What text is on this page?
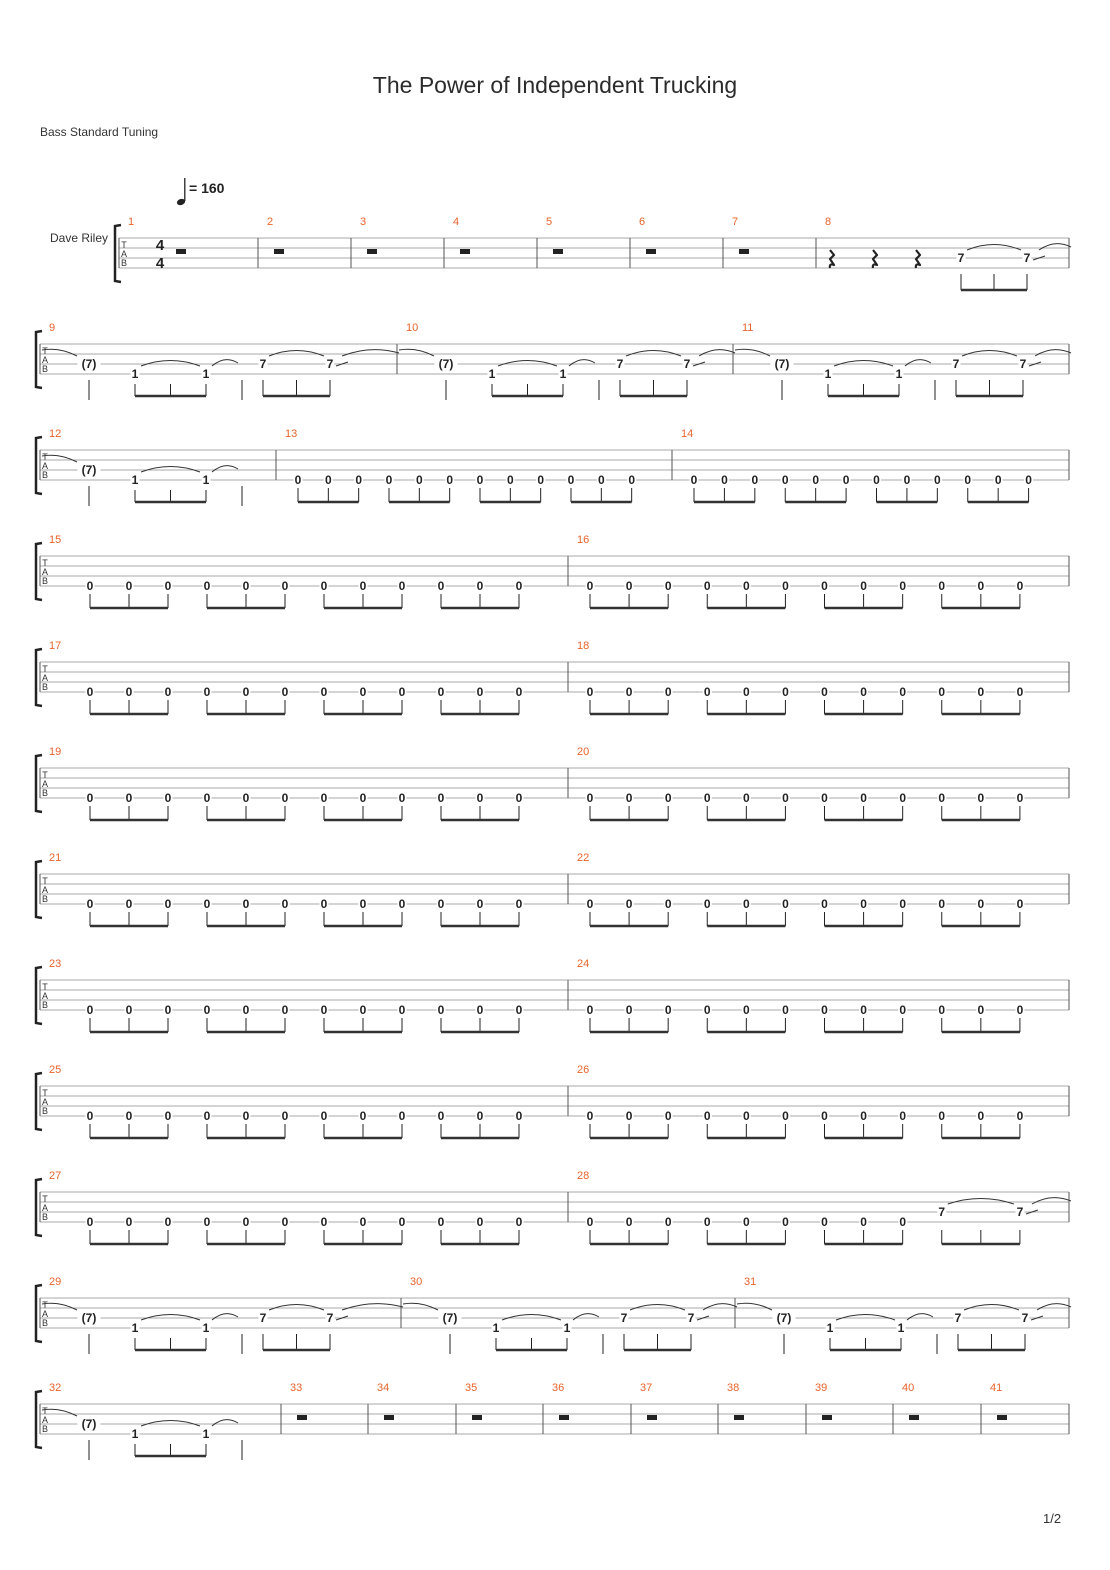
The Power of Independent Trucking
Bass Standard Tuning
= 160
Dave Riley
1/2
T
A
B
4
4
1	2	3	4	5	6	7	8
7	7
T
A
B
9
(7)
1	1
7	7
10
(7)
1	1
7	7
11
(7)
1	1
7	7
T
A
B
12
(7)
1	1
13
0 0 0 0 0 0 0 0 0 0 0 0
14
0 0 0 0 0 0 0 0 0 0 0 0
T
A
B
15
0	0	0	0	0	0	0	0	0	0	0	0
16
0	0	0	0	0	0	0	0	0	0	0	0
T
A
B
17
0	0	0	0	0	0	0	0	0	0	0	0
18
0	0	0	0	0	0	0	0	0	0	0	0
T
A
B
19
0	0	0	0	0	0	0	0	0	0	0	0
20
0	0	0	0	0	0	0	0	0	0	0	0
T
A
B
21
0	0	0	0	0	0	0	0	0	0	0	0
22
0	0	0	0	0	0	0	0	0	0	0	0
T
A
B
23
0	0	0	0	0	0	0	0	0	0	0	0
24
0	0	0	0	0	0	0	0	0	0	0	0
T
A
B
25
0	0	0	0	0	0	0	0	0	0	0	0
26
0	0	0	0	0	0	0	0	0	0	0	0
T
A
B
27
0	0	0	0	0	0	0	0	0	0	0	0
28
0	0	0	0	0	0	0	0	0
7	7
T
A
B
29
(7)
1	1
7	7
30
(7)
1	1
7	7
31
(7)
1	1
7	7
T
A
B
32
(7)
1	1
33	34	35	36	37	38	39	40	41
